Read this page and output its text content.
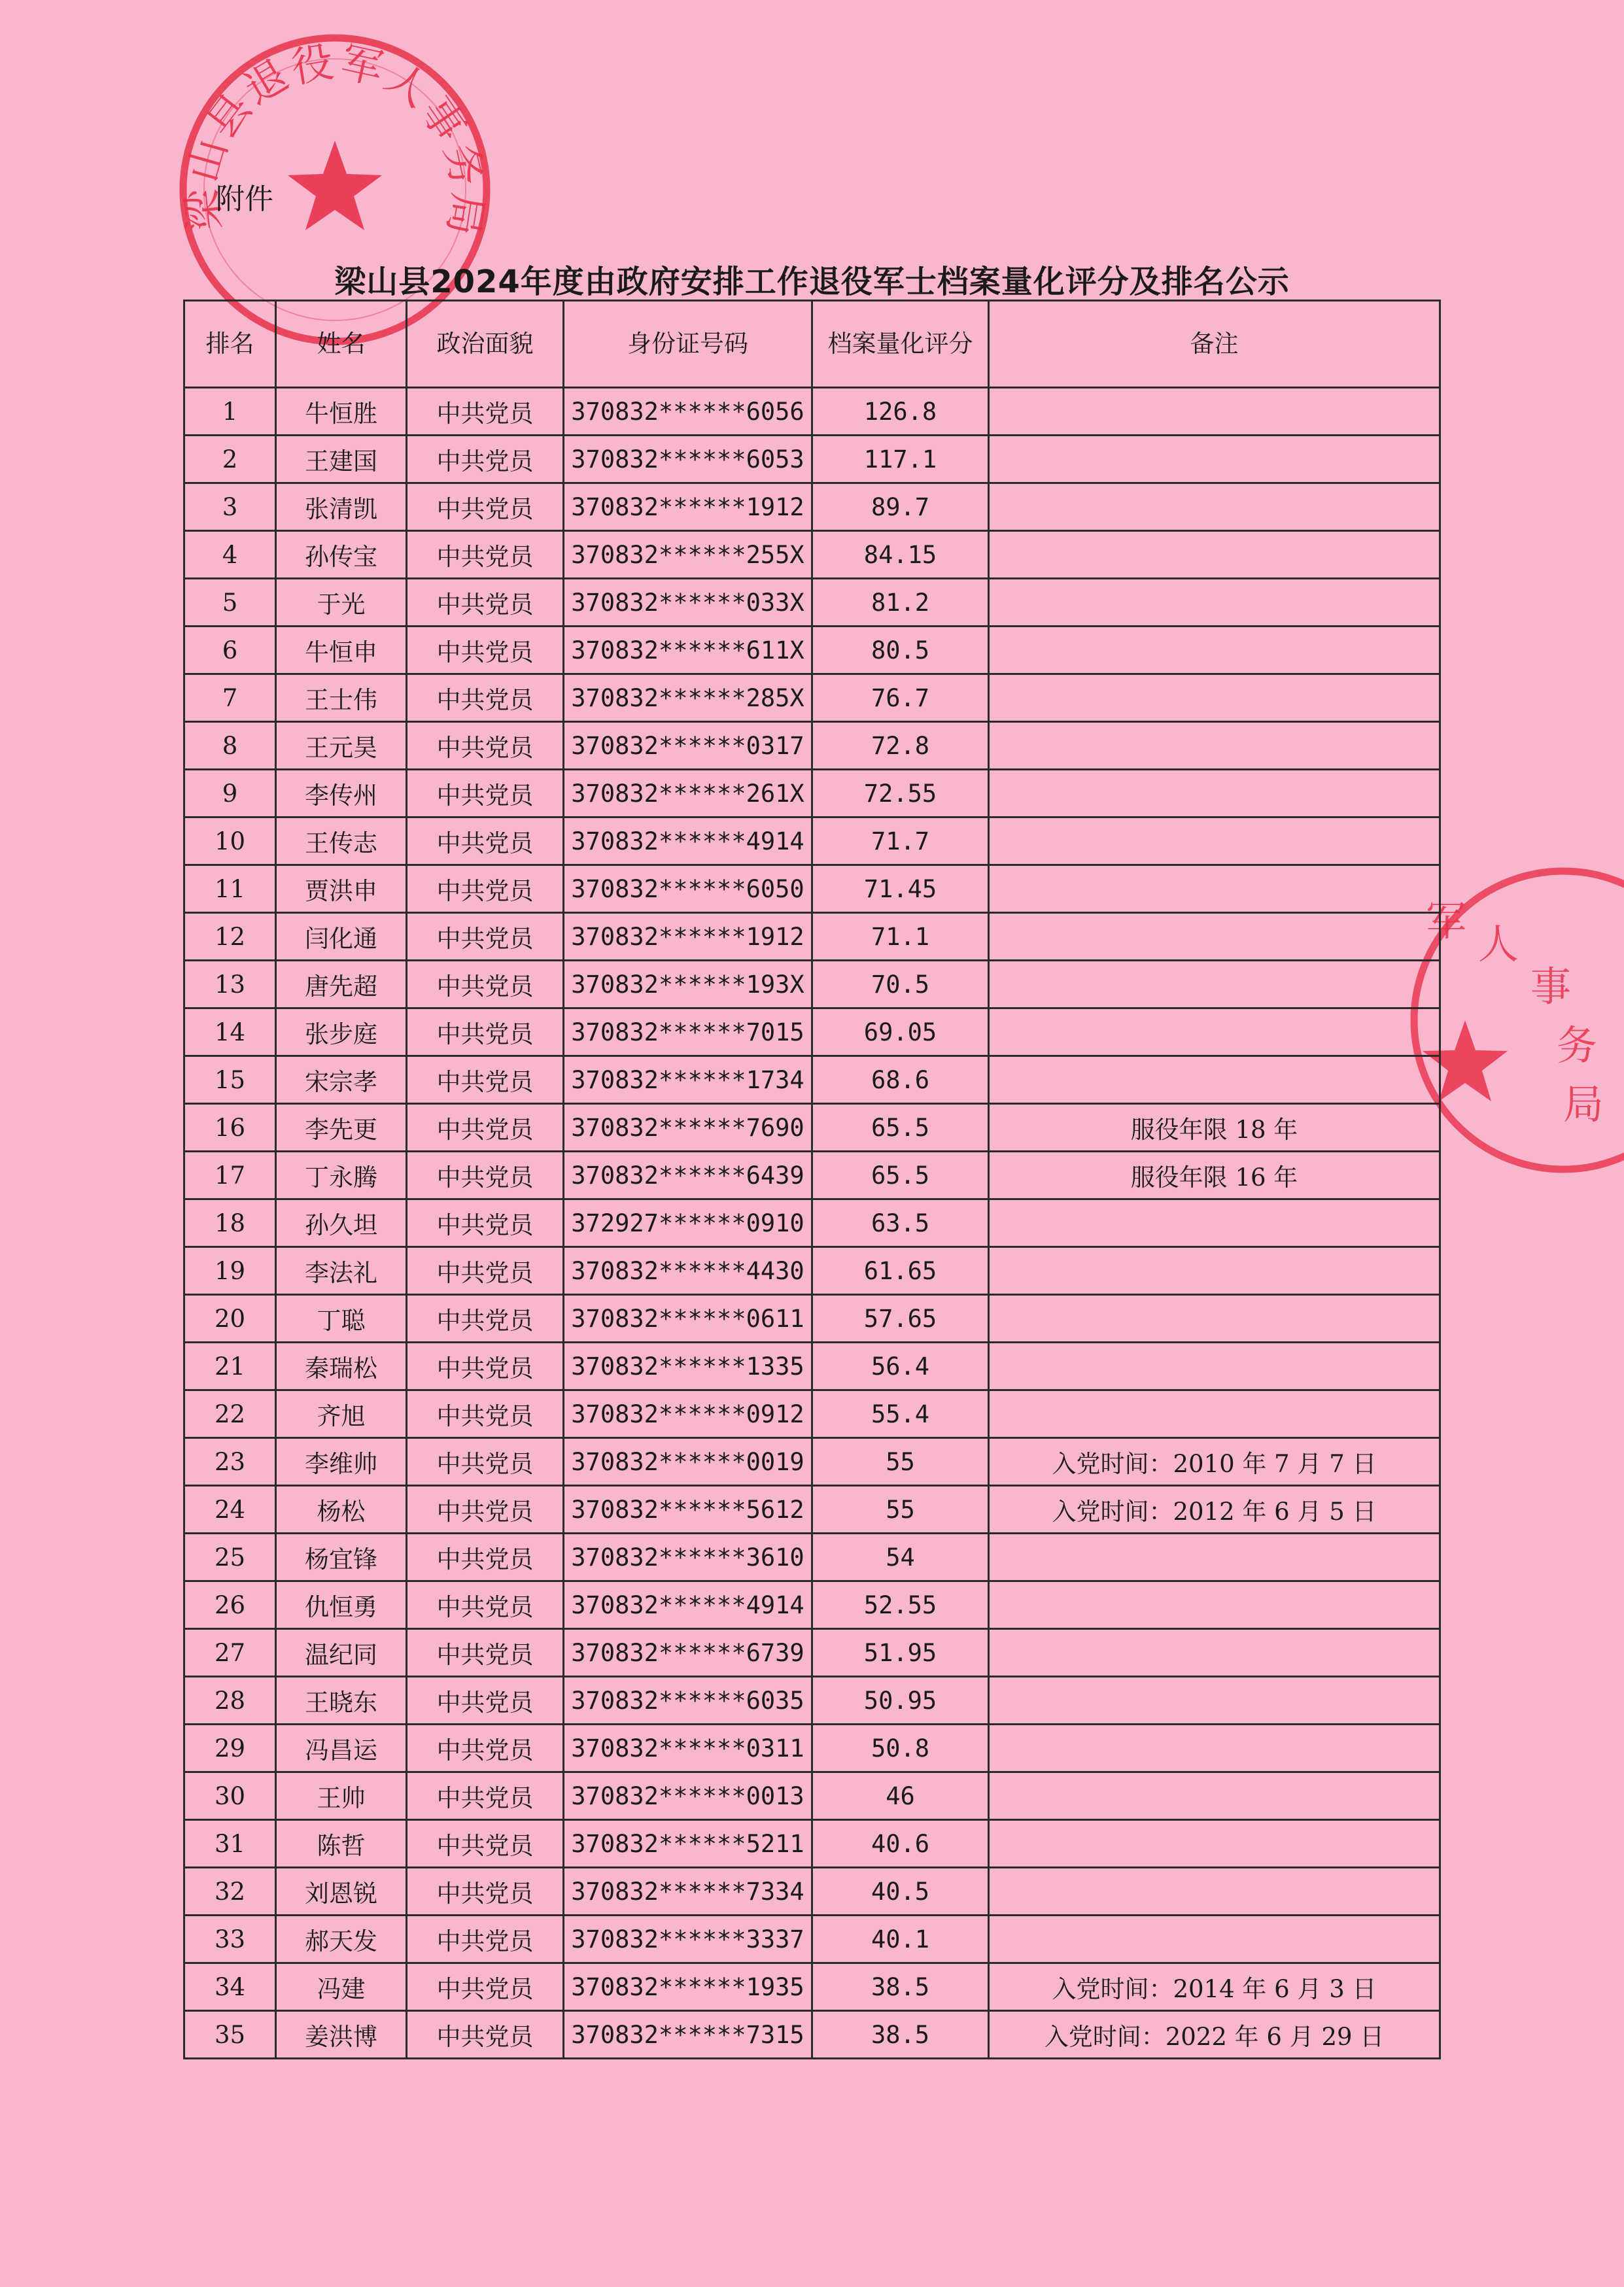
梁山县退役军人事务局
军 人
事
务
局
附件
梁山县2024年度由政府安排工作退役军士档案量化评分及排名公示
排名	姓名	政治面貌	身份证号码	档案量化评分	备注
1	牛恒胜	中共党员	370832******6056	126.8	
2	王建国	中共党员	370832******6053	117.1	
3	张清凯	中共党员	370832******1912	89.7	
4	孙传宝	中共党员	370832******255X	84.15	
5	于光	中共党员	370832******033X	81.2	
6	牛恒申	中共党员	370832******611X	80.5	
7	王士伟	中共党员	370832******285X	76.7	
8	王元昊	中共党员	370832******0317	72.8	
9	李传州	中共党员	370832******261X	72.55	
10	王传志	中共党员	370832******4914	71.7	
11	贾洪申	中共党员	370832******6050	71.45	
12	闫化通	中共党员	370832******1912	71.1	
13	唐先超	中共党员	370832******193X	70.5	
14	张步庭	中共党员	370832******7015	69.05	
15	宋宗孝	中共党员	370832******1734	68.6	
16	李先更	中共党员	370832******7690	65.5	服役年限 18 年
17	丁永腾	中共党员	370832******6439	65.5	服役年限 16 年
18	孙久坦	中共党员	372927******0910	63.5	
19	李法礼	中共党员	370832******4430	61.65	
20	丁聪	中共党员	370832******0611	57.65	
21	秦瑞松	中共党员	370832******1335	56.4	
22	齐旭	中共党员	370832******0912	55.4	
23	李维帅	中共党员	370832******0019	55	入党时间：2010 年 7 月 7 日
24	杨松	中共党员	370832******5612	55	入党时间：2012 年 6 月 5 日
25	杨宜锋	中共党员	370832******3610	54	
26	仇恒勇	中共党员	370832******4914	52.55	
27	温纪同	中共党员	370832******6739	51.95	
28	王晓东	中共党员	370832******6035	50.95	
29	冯昌运	中共党员	370832******0311	50.8	
30	王帅	中共党员	370832******0013	46	
31	陈哲	中共党员	370832******5211	40.6	
32	刘恩锐	中共党员	370832******7334	40.5	
33	郝天发	中共党员	370832******3337	40.1	
34	冯建	中共党员	370832******1935	38.5	入党时间：2014 年 6 月 3 日
35	姜洪博	中共党员	370832******7315	38.5	入党时间：2022 年 6 月 29 日
